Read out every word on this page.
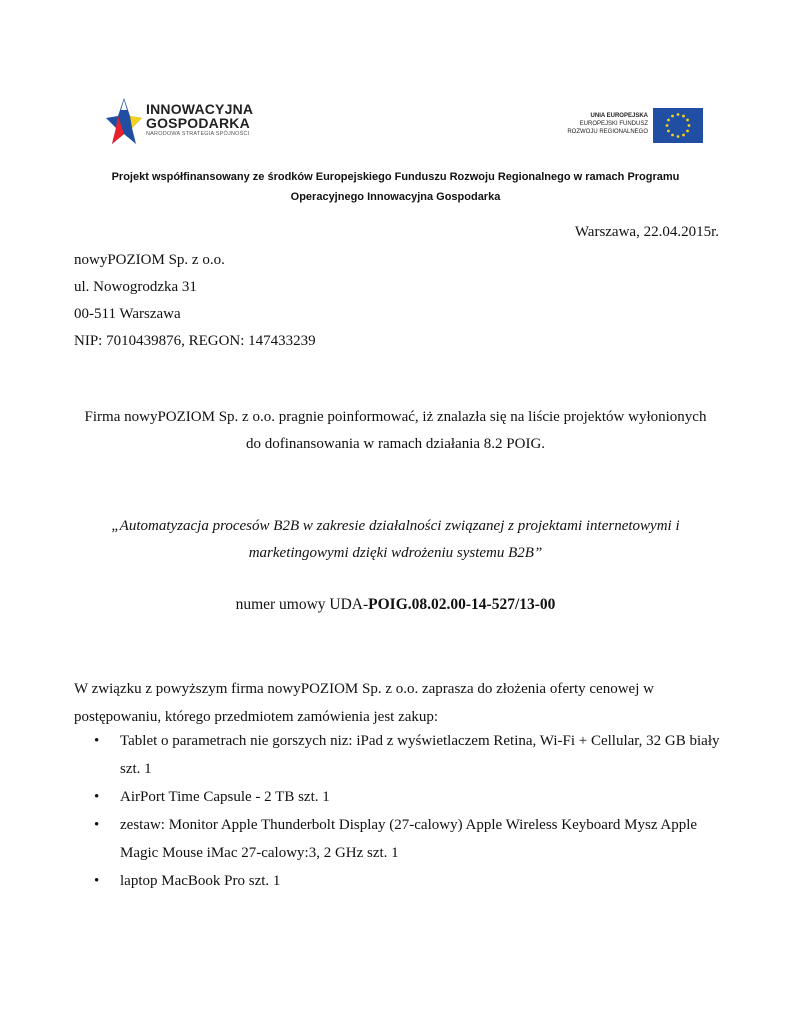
INNOWACYJNA
GOSPODARKA
NARODOWA STRATEGIA SPÓJNOŚCI
UNIA EUROPEJSKA
EUROPEJSKI FUNDUSZ
ROZWOJU REGIONALNEGO
Projekt współfinansowany ze środków Europejskiego Funduszu Rozwoju Regionalnego w ramach Programu
Operacyjnego Innowacyjna Gospodarka
Warszawa, 22.04.2015r.
nowyPOZIOM Sp. z o.o.
ul. Nowogrodzka 31
00-511 Warszawa
NIP: 7010439876, REGON: 147433239
Firma nowyPOZIOM Sp. z o.o. pragnie poinformować, iż znalazła się na liście projektów wyłonionych
do dofinansowania w ramach działania 8.2 POIG.
„Automatyzacja procesów B2B w zakresie działalności związanej z projektami internetowymi i
marketingowymi dzięki wdrożeniu systemu B2B”
numer umowy UDA-POIG.08.02.00-14-527/13-00
W związku z powyższym firma nowyPOZIOM Sp. z o.o. zaprasza do złożenia oferty cenowej w postępowaniu, którego przedmiotem zamówienia jest zakup:
• Tablet o parametrach nie gorszych niz: iPad z wyświetlaczem Retina, Wi-Fi + Cellular, 32 GB biały szt. 1
• AirPort Time Capsule - 2 TB szt. 1
• zestaw: Monitor Apple Thunderbolt Display (27-calowy) Apple Wireless Keyboard Mysz Apple Magic Mouse iMac 27-calowy:3, 2 GHz szt. 1
• laptop MacBook Pro szt. 1
